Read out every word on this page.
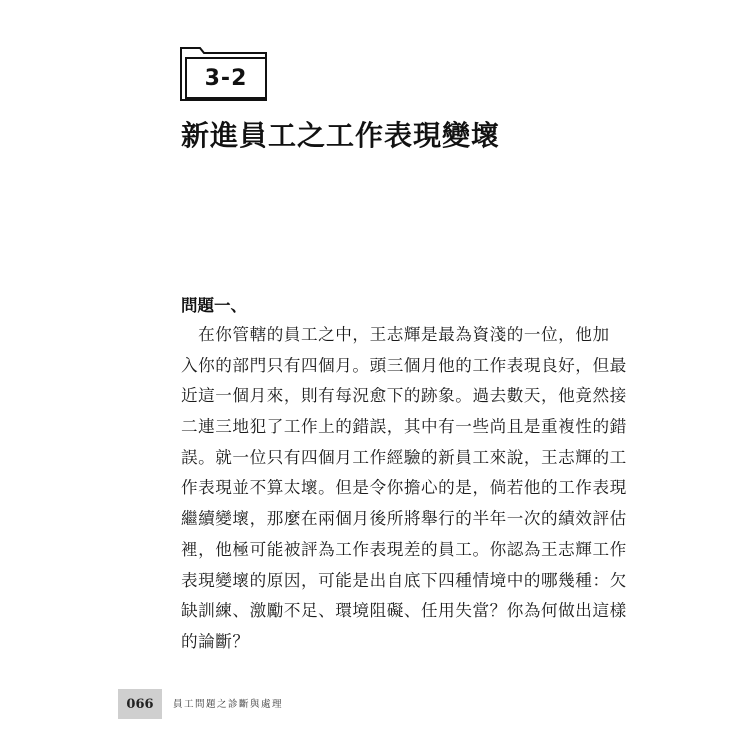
3-2
新進員工之工作表現變壞
問題一、
　在你管轄的員工之中，王志輝是最為資淺的一位，他加
入你的部門只有四個月。頭三個月他的工作表現良好，但最
近這一個月來，則有每況愈下的跡象。過去數天，他竟然接
二連三地犯了工作上的錯誤，其中有一些尚且是重複性的錯
誤。就一位只有四個月工作經驗的新員工來說，王志輝的工
作表現並不算太壞。但是令你擔心的是，倘若他的工作表現
繼續變壞，那麼在兩個月後所將舉行的半年一次的績效評估
裡，他極可能被評為工作表現差的員工。你認為王志輝工作
表現變壞的原因，可能是出自底下四種情境中的哪幾種：欠
缺訓練、激勵不足、環境阻礙、任用失當？你為何做出這樣
的論斷？
066	員工問題之診斷與處理
